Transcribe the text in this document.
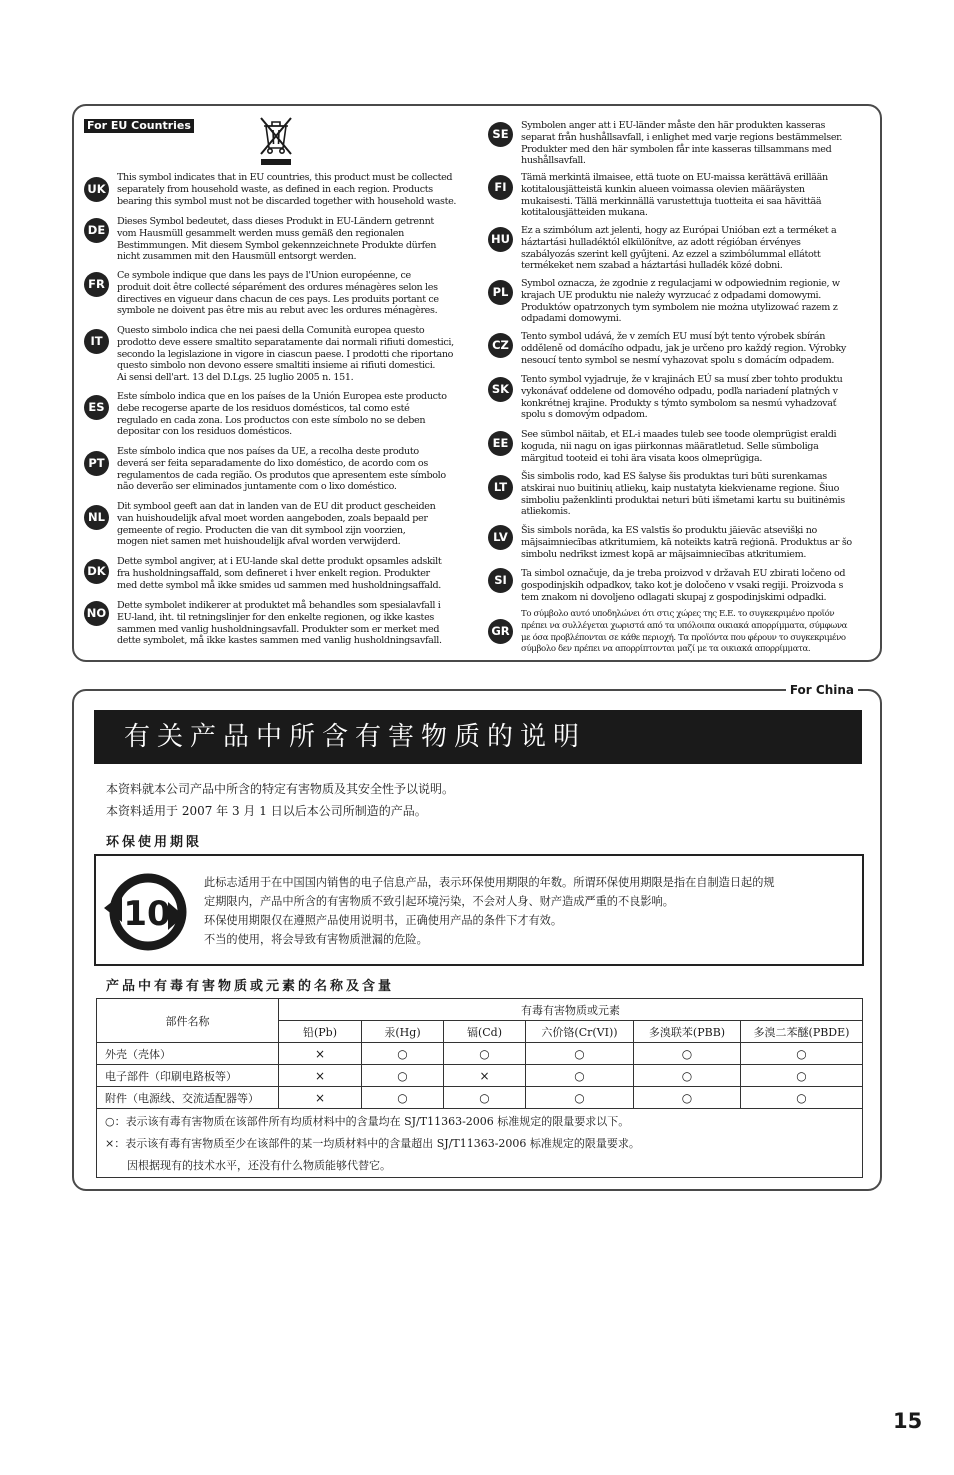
For EU Countries
UK
This symbol indicates that in EU countries, this product must be collected
separately from household waste, as defined in each region. Products
bearing this symbol must not be discarded together with household waste.
DE
Dieses Symbol bedeutet, dass dieses Produkt in EU-Ländern getrennt
vom Hausmüll gesammelt werden muss gemäß den regionalen
Bestimmungen. Mit diesem Symbol gekennzeichnete Produkte dürfen
nicht zusammen mit den Hausmüll entsorgt werden.
FR
Ce symbole indique que dans les pays de l'Union européenne, ce
produit doit être collecté séparément des ordures ménagères selon les
directives en vigueur dans chacun de ces pays. Les produits portant ce
symbole ne doivent pas être mis au rebut avec les ordures ménagères.
IT
Questo simbolo indica che nei paesi della Comunità europea questo
prodotto deve essere smaltito separatamente dai normali rifiuti domestici,
secondo la legislazione in vigore in ciascun paese. I prodotti che riportano
questo simbolo non devono essere smaltiti insieme ai rifiuti domestici.
Ai sensi dell'art. 13 del D.Lgs. 25 luglio 2005 n. 151.
ES
Este símbolo indica que en los países de la Unión Europea este producto
debe recogerse aparte de los residuos domésticos, tal como esté
regulado en cada zona. Los productos con este símbolo no se deben
depositar con los residuos domésticos.
PT
Este símbolo indica que nos países da UE, a recolha deste produto
deverá ser feita separadamente do lixo doméstico, de acordo com os
regulamentos de cada região. Os produtos que apresentem este símbolo
não deverão ser eliminados juntamente com o lixo doméstico.
NL
Dit symbool geeft aan dat in landen van de EU dit product gescheiden
van huishoudelijk afval moet worden aangeboden, zoals bepaald per
gemeente of regio. Producten die van dit symbool zijn voorzien,
mogen niet samen met huishoudelijk afval worden verwijderd.
DK
Dette symbol angiver, at i EU-lande skal dette produkt opsamles adskilt
fra husholdningsaffald, som defineret i hver enkelt region. Produkter
med dette symbol må ikke smides ud sammen med husholdningsaffald.
NO
Dette symbolet indikerer at produktet må behandles som spesialavfall i
EU-land, iht. til retningslinjer for den enkelte regionen, og ikke kastes
sammen med vanlig husholdningsavfall. Produkter som er merket med
dette symbolet, må ikke kastes sammen med vanlig husholdningsavfall.
SE
Symbolen anger att i EU-länder måste den här produkten kasseras
separat från hushållsavfall, i enlighet med varje regions bestämmelser.
Produkter med den här symbolen får inte kasseras tillsammans med
hushållsavfall.
FI
Tämä merkintä ilmaisee, että tuote on EU-maissa kerättävä erillään
kotitalousjätteistä kunkin alueen voimassa olevien määräysten
mukaisesti. Tällä merkinnällä varustettuja tuotteita ei saa hävittää
kotitalousjätteiden mukana.
HU
Ez a szimbólum azt jelenti, hogy az Európai Unióban ezt a terméket a
háztartási hulladéktól elkülönítve, az adott régióban érvényes
szabályozás szerint kell gyűjteni. Az ezzel a szimbólummal ellátott
termékeket nem szabad a háztartási hulladék közé dobni.
PL
Symbol oznacza, że zgodnie z regulacjami w odpowiednim regionie, w
krajach UE produktu nie należy wyrzucać z odpadami domowymi.
Produktów opatrzonych tym symbolem nie można utylizować razem z
odpadami domowymi.
CZ
Tento symbol udává, že v zemích EU musí být tento výrobek sbírán
odděleně od domácího odpadu, jak je určeno pro každý region. Výrobky
nesoucí tento symbol se nesmí vyhazovat spolu s domácím odpadem.
SK
Tento symbol vyjadruje, že v krajinách EÚ sa musí zber tohto produktu
vykonávať oddelene od domového odpadu, podľa nariadení platných v
konkrétnej krajine. Produkty s týmto symbolom sa nesmú vyhadzovať
spolu s domovým odpadom.
EE
See sümbol näitab, et EL-i maades tuleb see toode olemprügist eraldi
koguda, nii nagu on igas piirkonnas määratletud. Selle sümboliga
märgitud tooteid ei tohi ära visata koos olmeprügiga.
LT
Šis simbolis rodo, kad ES šalyse šis produktas turi būti surenkamas
atskirai nuo buitinių atliekų, kaip nustatyta kiekviename regione. Šiuo
simboliu paženklinti produktai neturi būti išmetami kartu su buitinėmis
atliekomis.
LV	Šis simbols norāda, ka ES valstīs šo produktu jāievāc atsevišķi no
mājsaimniecības atkritumiem, kā noteikts katrā reģionā. Produktus ar šo
simbolu nedrīkst izmest kopā ar mājsaimniecības atkritumiem.
SI	Ta simbol označuje, da je treba proizvod v državah EU zbirati ločeno od
gospodinjskih odpadkov, tako kot je določeno v vsaki regiji. Proizvoda s
tem znakom ni dovoljeno odlagati skupaj z gospodinjskimi odpadki.
GR
Το σύμβολο αυτό υποδηλώνει ότι στις χώρες της Ε.Ε. το συγκεκριμένο προϊόν
πρέπει να συλλέγεται χωριστά από τα υπόλοιπα οικιακά απορρίμματα, σύμφωνα
με όσα προβλέπονται σε κάθε περιοχή. Τα προϊόντα που φέρουν το συγκεκριμένο
σύμβολο δεν πρέπει να απορρίπτονται μαζί με τα οικιακά απορρίμματα.
For China
有关产品中所含有害物质的说明
本资料就本公司产品中所含的特定有害物质及其安全性予以说明。
本资料适用于 2007 年 3 月 1 日以后本公司所制造的产品。
环保使用期限
10
此标志适用于在中国国内销售的电子信息产品，表示环保使用期限的年数。所谓环保使用期限是指在自制造日起的规
定期限内，产品中所含的有害物质不致引起环境污染，不会对人身、财产造成严重的不良影响。
环保使用期限仅在遵照产品使用说明书，正确使用产品的条件下才有效。
不当的使用，将会导致有害物质泄漏的危险。
产品中有毒有害物质或元素的名称及含量
部件名称	有毒有害物质或元素					
	铅(Pb)	汞(Hg)	镉(Cd)	六价铬(Cr(VI))	多溴联苯(PBB)	多溴二苯醚(PBDE)
外壳（壳体）	×	○	○	○	○	○
电子部件（印刷电路板等）	×	○	×	○	○	○
附件（电源线、交流适配器等）	×	○	○	○	○	○
○：表示该有毒有害物质在该部件所有均质材料中的含量均在 SJ/T11363-2006 标准规定的限量要求以下。
×：表示该有毒有害物质至少在该部件的某一均质材料中的含量超出 SJ/T11363-2006 标准规定的限量要求。
　　因根据现有的技术水平，还没有什么物质能够代替它。						
15
